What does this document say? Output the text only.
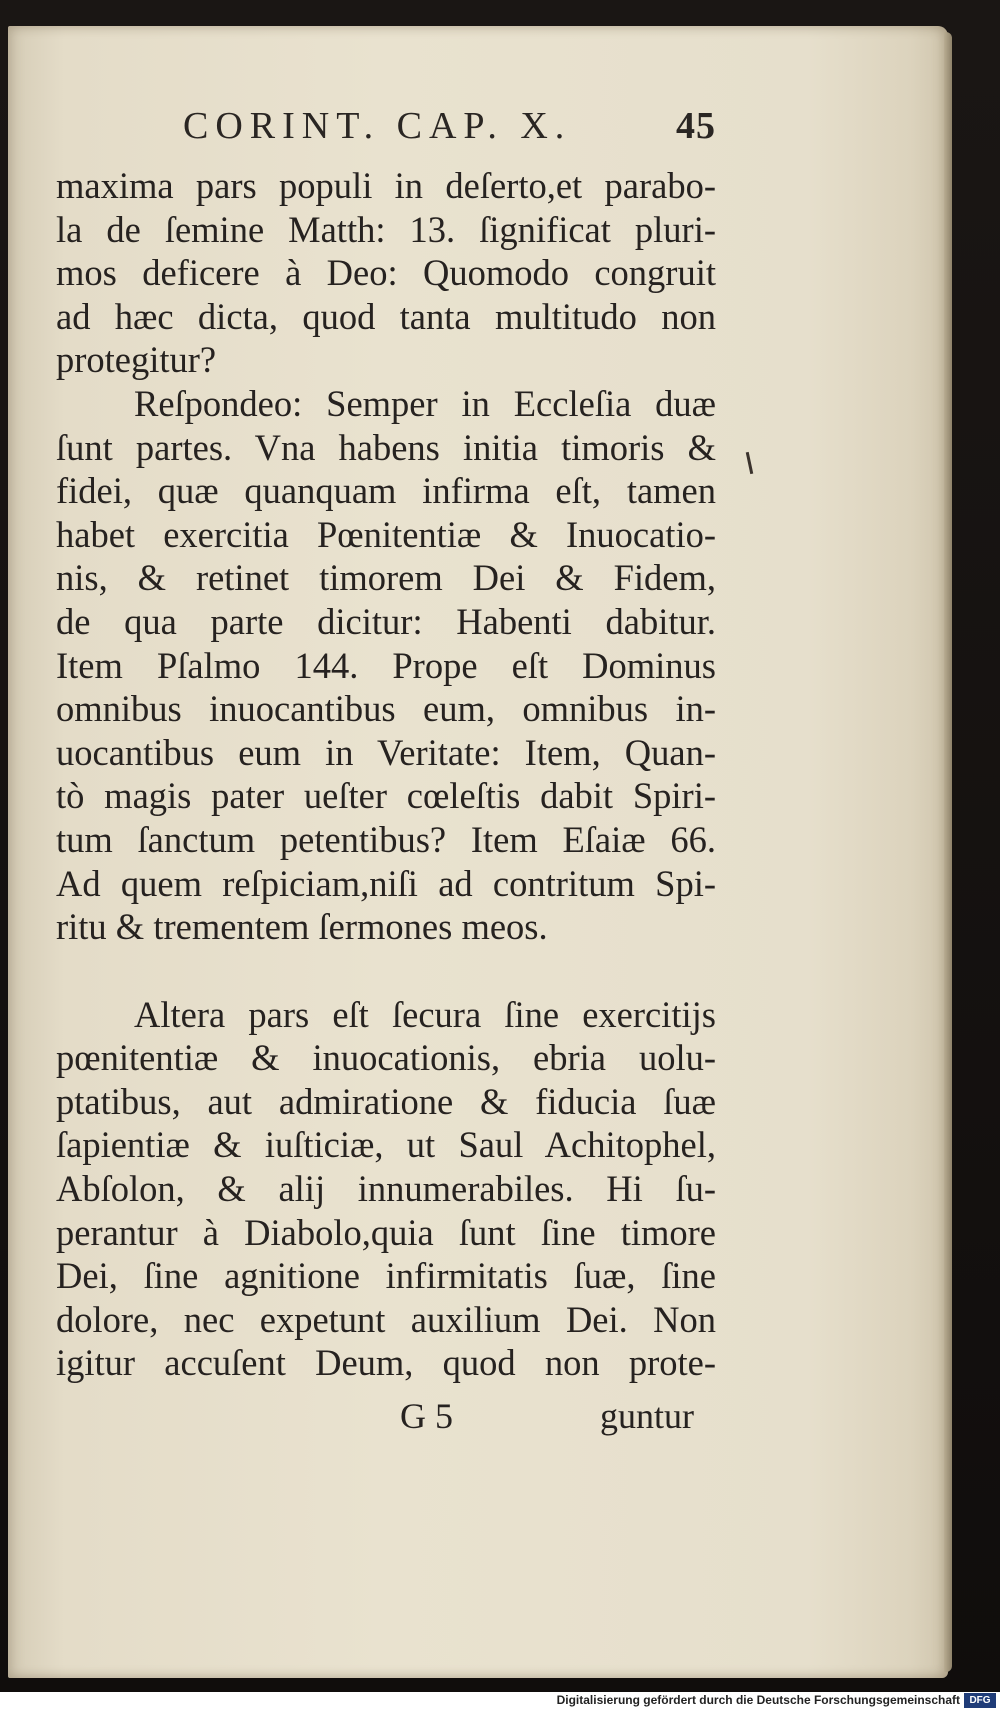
CORINT. CAP. X.	45
maxima pars populi in deſerto,et parabo-
la de ſemine Matth: 13. ſignificat pluri-
mos deficere à Deo: Quomodo congruit
ad hæc dicta, quod tanta multitudo non
protegitur?
Reſpondeo: Semper in Eccleſia duæ
ſunt partes. Vna habens initia timoris &
fidei, quæ quanquam infirma eſt, tamen
habet exercitia Pœnitentiæ & Inuocatio-
nis, & retinet timorem Dei & Fidem,
de qua parte dicitur: Habenti dabitur.
Item Pſalmo 144. Prope eſt Dominus
omnibus inuocantibus eum, omnibus in-
uocantibus eum in Veritate: Item, Quan-
tò magis pater ueſter cœleſtis dabit Spiri-
tum ſanctum petentibus? Item Eſaiæ 66.
Ad quem reſpiciam,niſi ad contritum Spi-
ritu & trementem ſermones meos.
Altera pars eſt ſecura ſine exercitijs
pœnitentiæ & inuocationis, ebria uolu-
ptatibus, aut admiratione & fiducia ſuæ
ſapientiæ & iuſticiæ, ut Saul Achitophel,
Abſolon, & alij innumerabiles. Hi ſu-
perantur à Diabolo,quia ſunt ſine timore
Dei, ſine agnitione infirmitatis ſuæ, ſine
dolore, nec expetunt auxilium Dei. Non
igitur accuſent Deum, quod non prote-
G 5	guntur
Digitalisierung gefördert durch die Deutsche Forschungsgemeinschaft DFG
